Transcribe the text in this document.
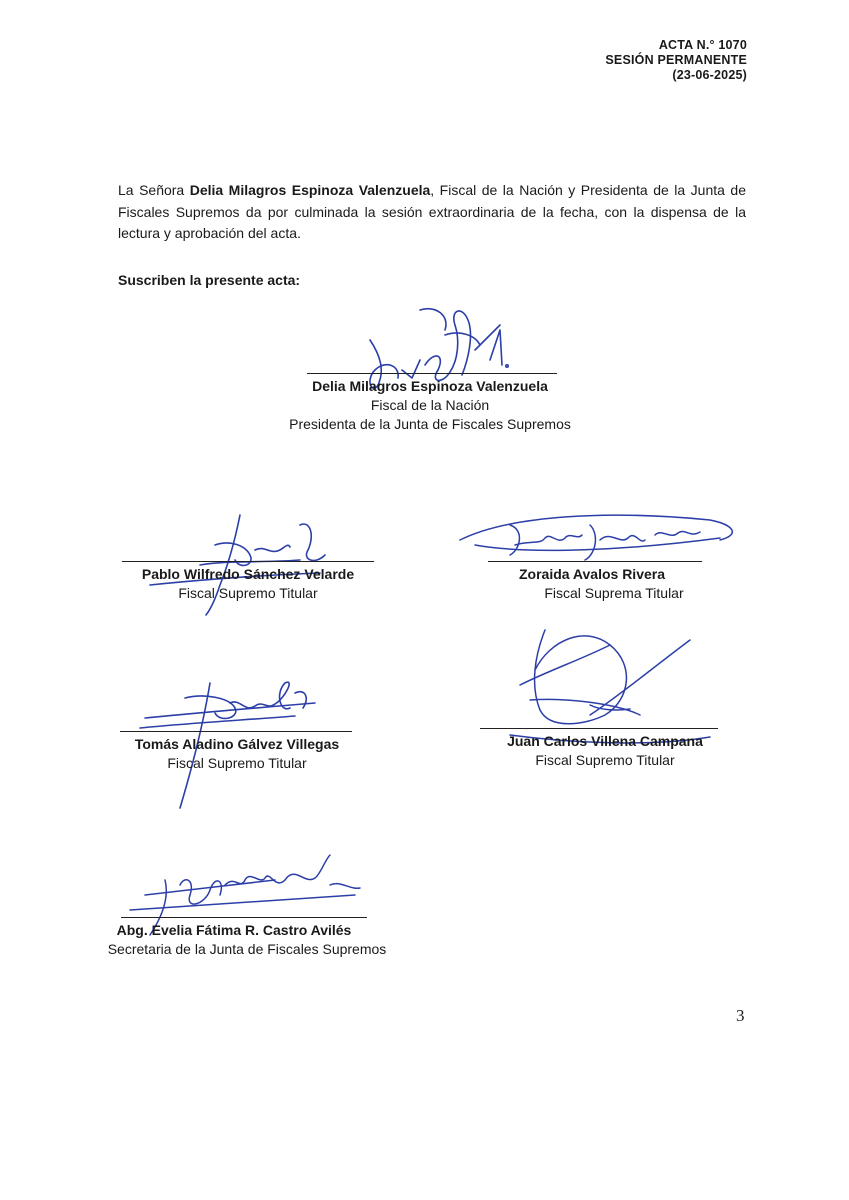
ACTA N.° 1070
SESIÓN PERMANENTE
(23-06-2025)
La Señora Delia Milagros Espinoza Valenzuela, Fiscal de la Nación y Presidenta de la Junta de Fiscales Supremos da por culminada la sesión extraordinaria de la fecha, con la dispensa de la lectura y aprobación del acta.
Suscriben la presente acta:
Delia Milagros Espinoza Valenzuela
Fiscal de la Nación
Presidenta de la Junta de Fiscales Supremos
Pablo Wilfredo Sánchez Velarde
Fiscal Supremo Titular
Zoraida Avalos Rivera
Fiscal Suprema Titular
Tomás Aladino Gálvez Villegas
Fiscal Supremo Titular
Juan Carlos Villena Campana
Fiscal Supremo Titular
Abg. Evelia Fátima R. Castro Avilés
Secretaria de la Junta de Fiscales Supremos
3
